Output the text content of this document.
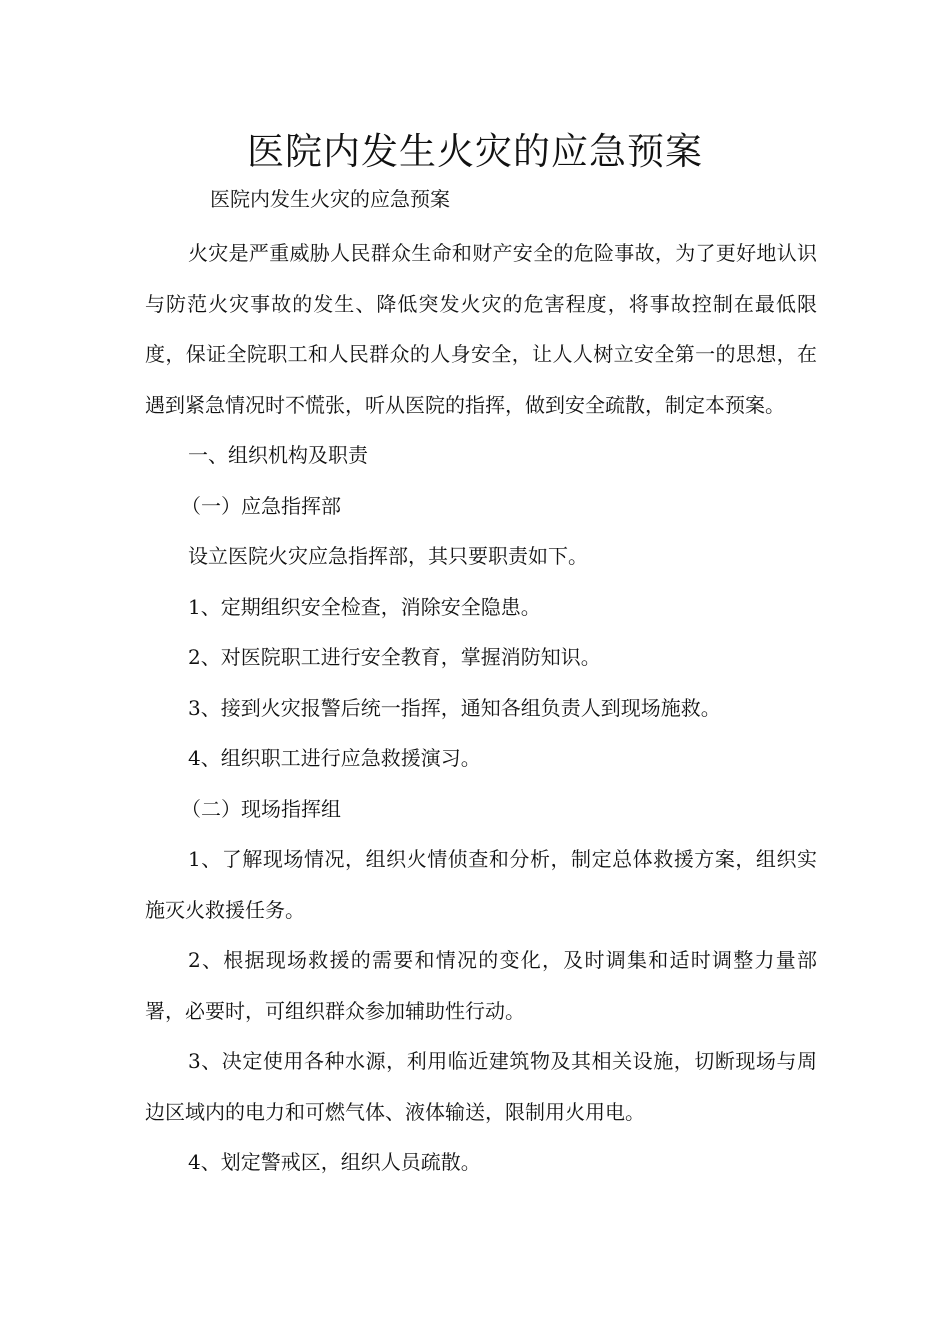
医院内发生火灾的应急预案

医院内发生火灾的应急预案

火灾是严重威胁人民群众生命和财产安全的危险事故，为了更好地认识与防范火灾事故的发生、降低突发火灾的危害程度，将事故控制在最低限度，保证全院职工和人民群众的人身安全，让人人树立安全第一的思想，在遇到紧急情况时不慌张，听从医院的指挥，做到安全疏散，制定本预案。

一、组织机构及职责

（一）应急指挥部

设立医院火灾应急指挥部，其只要职责如下。

1、定期组织安全检查，消除安全隐患。

2、对医院职工进行安全教育，掌握消防知识。

3、接到火灾报警后统一指挥，通知各组负责人到现场施救。

4、组织职工进行应急救援演习。

（二）现场指挥组

1、了解现场情况，组织火情侦查和分析，制定总体救援方案，组织实施灭火救援任务。

2、根据现场救援的需要和情况的变化，及时调集和适时调整力量部署，必要时，可组织群众参加辅助性行动。

3、决定使用各种水源，利用临近建筑物及其相关设施，切断现场与周边区域内的电力和可燃气体、液体输送，限制用火用电。

4、划定警戒区，组织人员疏散。
